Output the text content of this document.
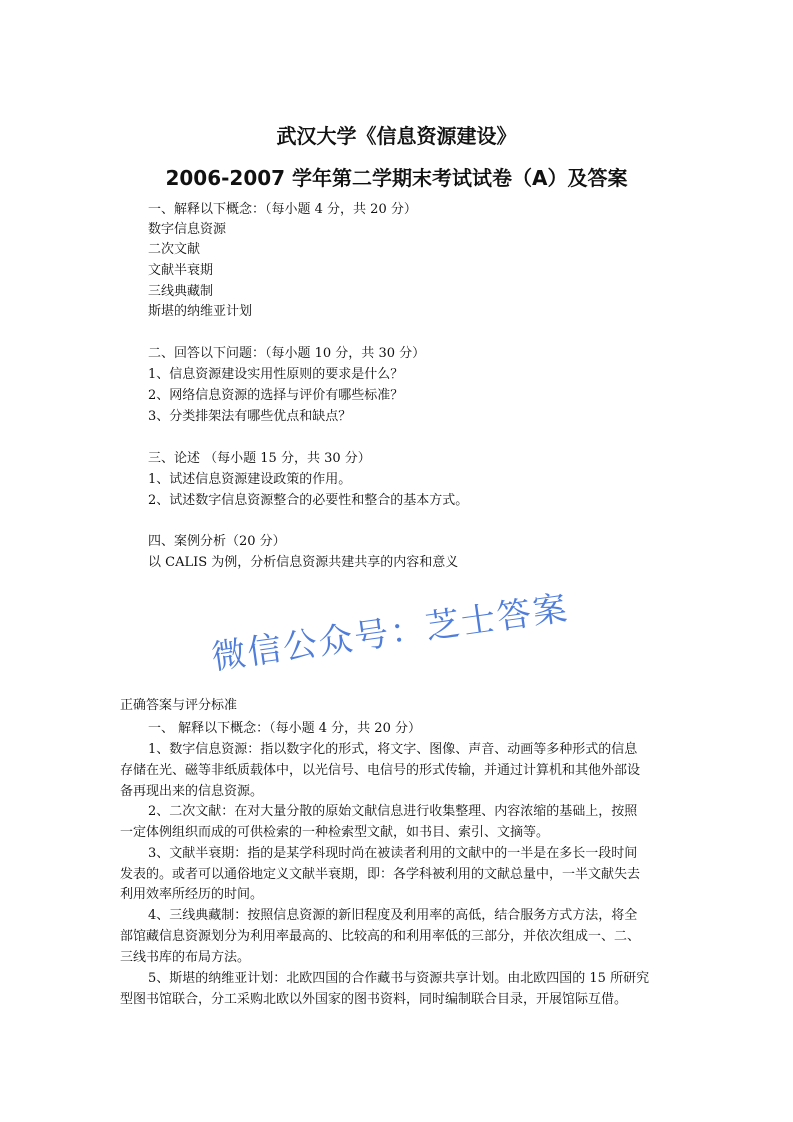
武汉大学《信息资源建设》
2006-2007 学年第二学期末考试试卷（A）及答案
一、解释以下概念：（每小题 4 分，共 20 分）
数字信息资源
二次文献
文献半衰期
三线典藏制
斯堪的纳维亚计划
二、回答以下问题：（每小题 10 分，共 30 分）
1、信息资源建设实用性原则的要求是什么？
2、网络信息资源的选择与评价有哪些标准？
3、分类排架法有哪些优点和缺点？
三、论述 （每小题 15 分，共 30 分）
1、试述信息资源建设政策的作用。
2、试述数字信息资源整合的必要性和整合的基本方式。
四、案例分析（20 分）
以 CALIS 为例，分析信息资源共建共享的内容和意义
微信公众号：芝士答案
正确答案与评分标准
一、 解释以下概念：（每小题 4 分，共 20 分）
1、数字信息资源：指以数字化的形式，将文字、图像、声音、动画等多种形式的信息
存储在光、磁等非纸质载体中，以光信号、电信号的形式传输，并通过计算机和其他外部设
备再现出来的信息资源。
2、二次文献：在对大量分散的原始文献信息进行收集整理、内容浓缩的基础上，按照
一定体例组织而成的可供检索的一种检索型文献，如书目、索引、文摘等。
3、文献半衰期：指的是某学科现时尚在被读者利用的文献中的一半是在多长一段时间
发表的。或者可以通俗地定义文献半衰期，即：各学科被利用的文献总量中，一半文献失去
利用效率所经历的时间。
4、三线典藏制：按照信息资源的新旧程度及利用率的高低，结合服务方式方法，将全
部馆藏信息资源划分为利用率最高的、比较高的和利用率低的三部分，并依次组成一、二、
三线书库的布局方法。
5、斯堪的纳维亚计划：北欧四国的合作藏书与资源共享计划。由北欧四国的 15 所研究
型图书馆联合，分工采购北欧以外国家的图书资料，同时编制联合目录，开展馆际互借。
